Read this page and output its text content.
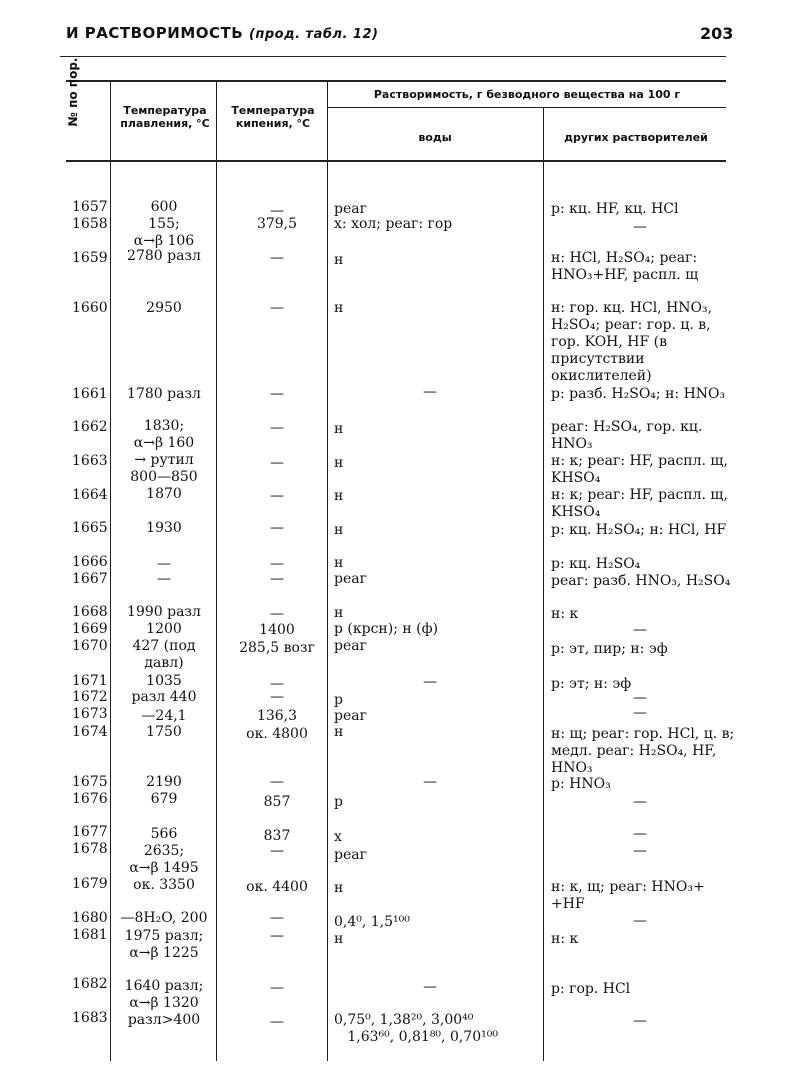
И РАСТВОРИМОСТЬ (прод. табл. 12)	203
№ по пор.	Температура плавления, °С
Температура кипения, °С
Растворимость, г безводного вещества на 100 г
воды	других растворителей
1657	600	—	реаг	р: кц. HF, кц. HCl
1658	155;
α→β 106
379,5	х: хол; реаг: гор	—
1659	2780 разл	—	н	н: HCl, H₂SO₄; реаг: HNO₃+HF, распл. щ
1660	2950	—	н	н: гор. кц. HCl, HNO₃, H₂SO₄; реаг: гор. ц. в, гор. KOH, HF (в присутствии окислителей)
1661	1780 разл	—	—	р: разб. H₂SO₄; н: HNO₃
1662	1830;
α→β 160
—	н	реаг: H₂SO₄, гор. кц. HNO₃
1663	→ рутил
800—850
—	н	н: к; реаг: HF, распл. щ, KHSO₄
1664	1870	—	н	н: к; реаг: HF, распл. щ, KHSO₄
1665	1930	—	н	р: кц. H₂SO₄; н: HCl, HF
1666	—	—	н	р: кц. H₂SO₄
1667	—	—	реаг	реаг: разб. HNO₃, H₂SO₄
1668	1990 разл	—	н	н: к
1669	1200	1400	р (крсн); н (ф)	—
1670	427 (под
давл)
285,5 возг	реаг	р: эт, пир; н: эф
1671	1035	—	—	р: эт; н: эф
1672	разл 440	—	р	—
1673	—24,1	136,3	реаг	—
1674	1750	ок. 4800	н	н: щ; реаг: гор. HCl, ц. в; медл. реаг: H₂SO₄, HF, HNO₃
1675	2190	—	—	р: HNO₃
1676	679	857	р	—
1677	566	837	х	—
1678	2635;
α→β 1495
—	реаг	—
1679	ок. 3350	ок. 4400	н	н: к, щ; реаг: HNO₃+ +HF
1680 —8H₂O, 200	—	0,4⁰, 1,5¹⁰⁰	—
1681	1975 разл;
α→β 1225
—	н	н: к
1682	1640 разл;
α→β 1320
—	—	р: гор. HCl
1683	разл>400	—	0,75⁰, 1,38²⁰, 3,00⁴⁰
1,63⁶⁰, 0,81⁸⁰, 0,70¹⁰⁰
—
